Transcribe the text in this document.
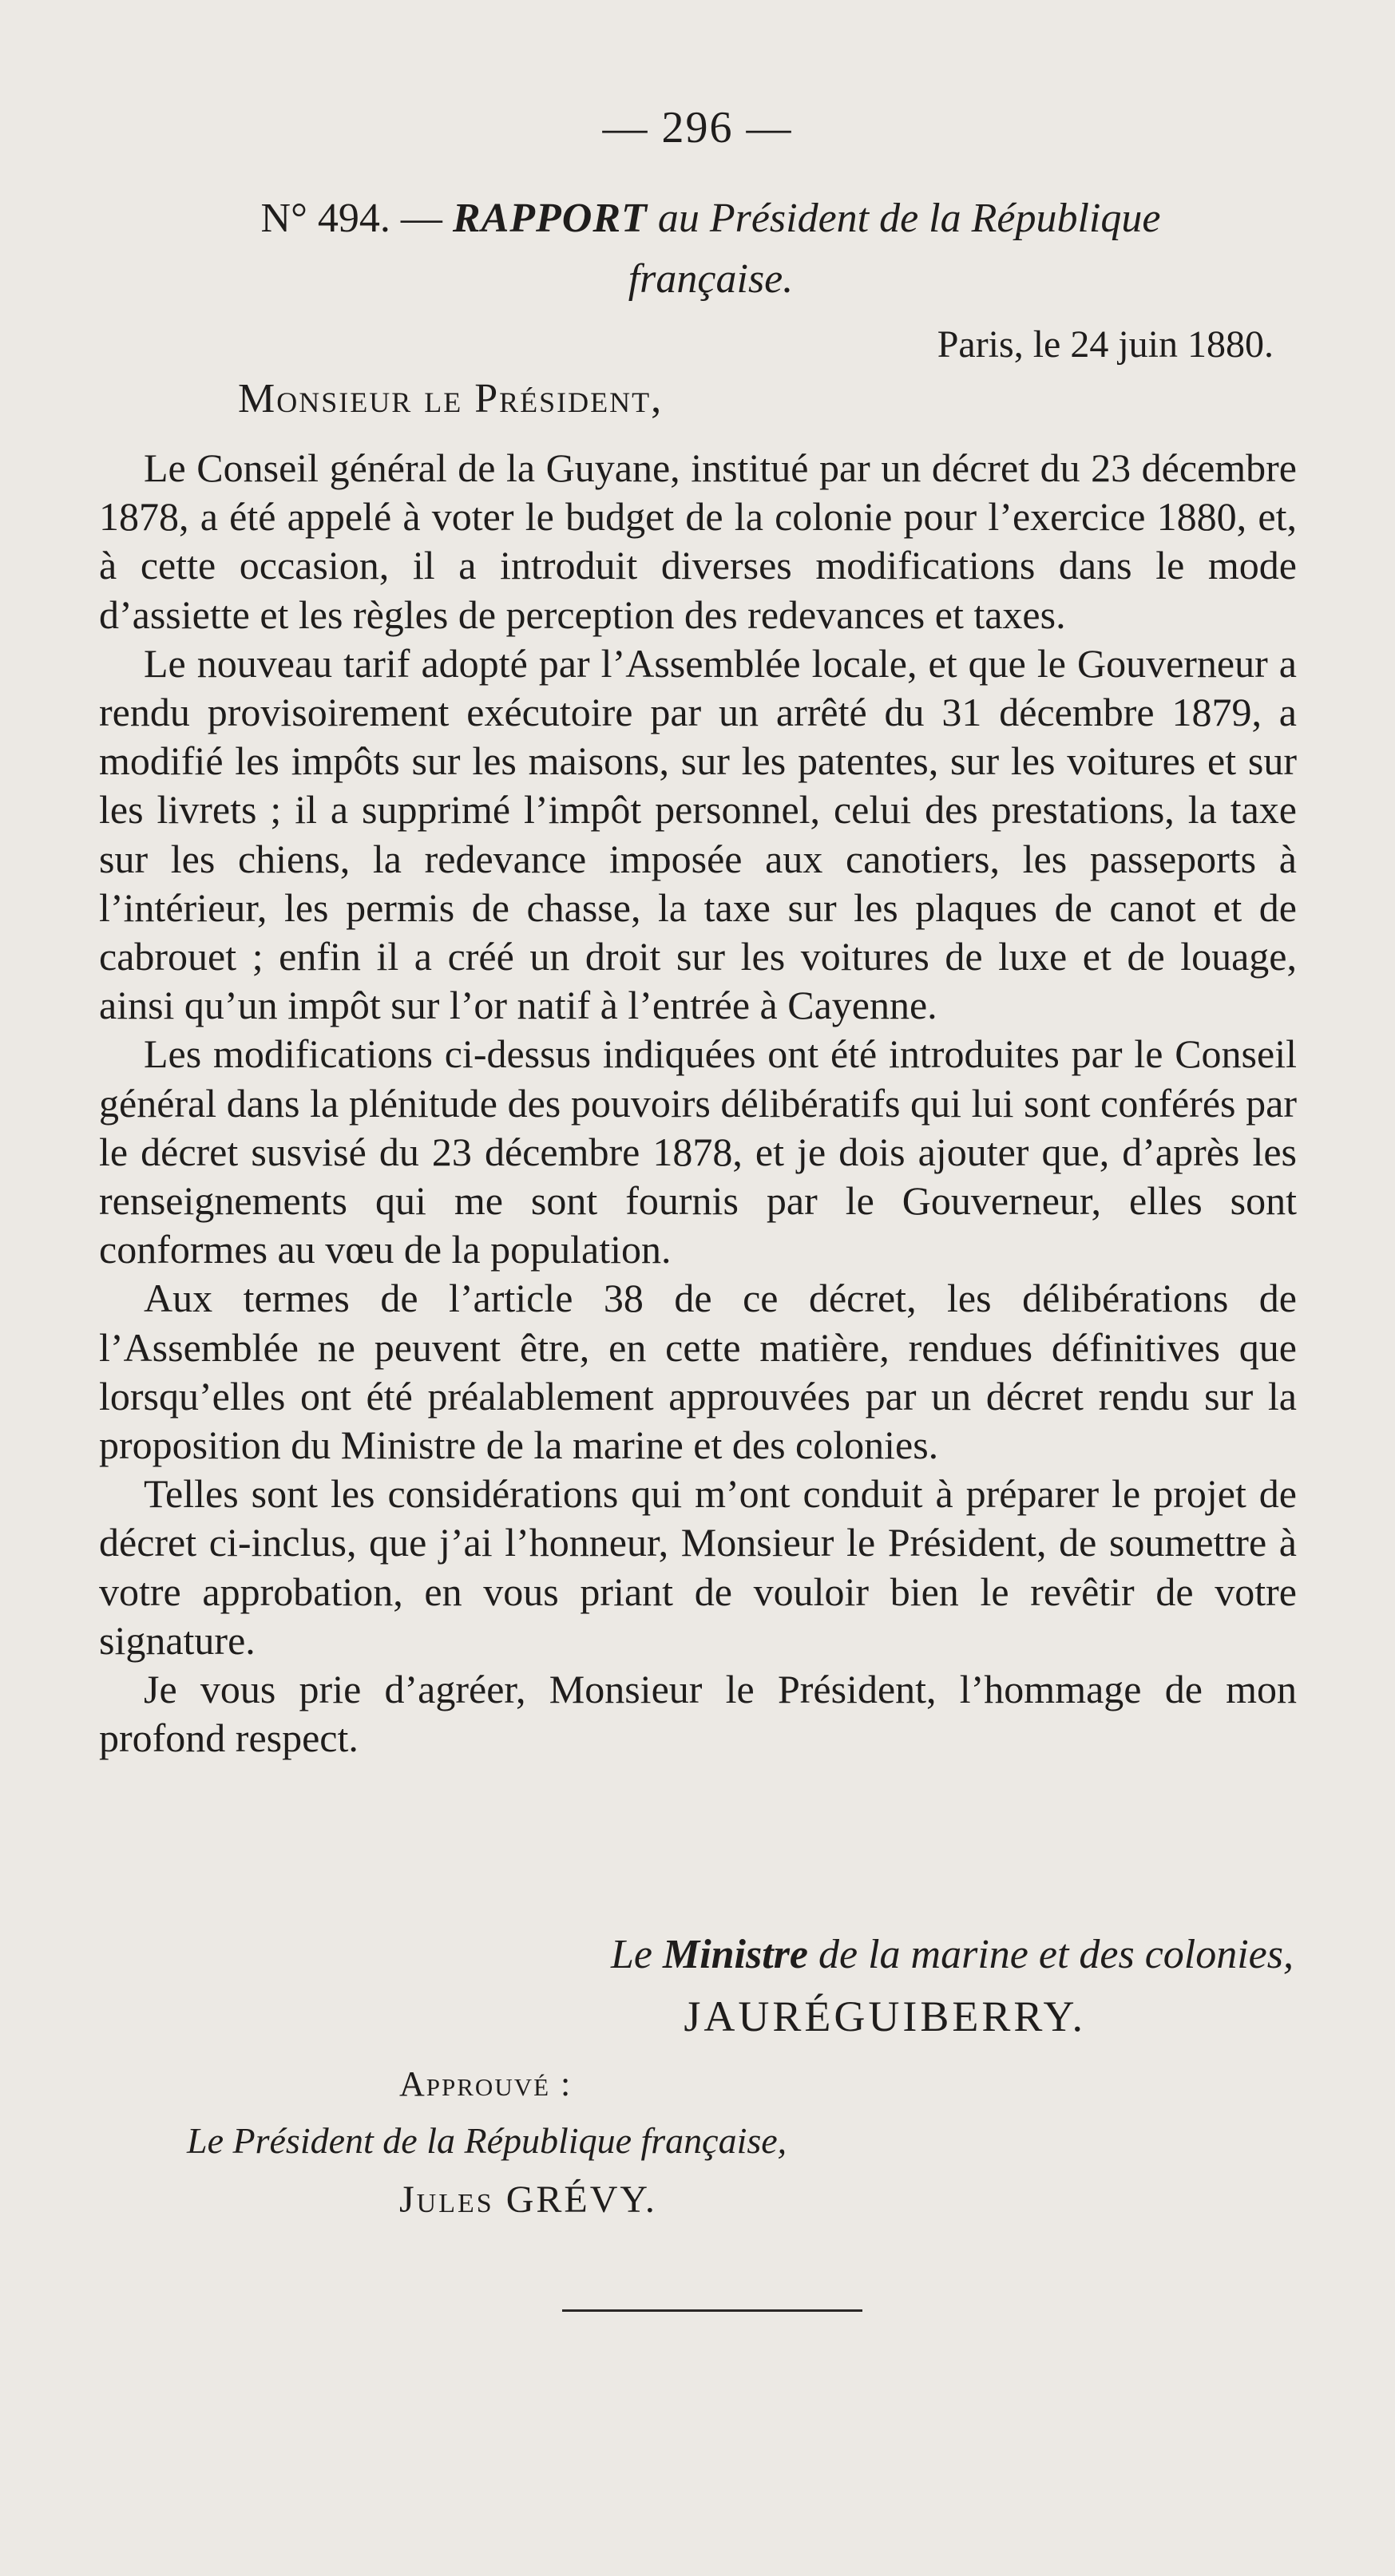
— 296 —
N° 494. — RAPPORT au Président de la République
française.
Paris, le 24 juin 1880.
Monsieur le Président,

Le Conseil général de la Guyane, institué par un décret du 23 décembre 1878, a été appelé à voter le budget de la colonie pour l’exercice 1880, et, à cette occasion, il a introduit diverses modifications dans le mode d’assiette et les règles de perception des redevances et taxes.

Le nouveau tarif adopté par l’Assemblée locale, et que le Gouverneur a rendu provisoirement exécutoire par un arrêté du 31 décembre 1879, a modifié les impôts sur les maisons, sur les patentes, sur les voitures et sur les livrets ; il a supprimé l’impôt personnel, celui des prestations, la taxe sur les chiens, la redevance imposée aux canotiers, les passeports à l’intérieur, les permis de chasse, la taxe sur les plaques de canot et de cabrouet ; enfin il a créé un droit sur les voitures de luxe et de louage, ainsi qu’un impôt sur l’or natif à l’entrée à Cayenne.

Les modifications ci-dessus indiquées ont été introduites par le Conseil général dans la plénitude des pouvoirs délibératifs qui lui sont conférés par le décret susvisé du 23 décembre 1878, et je dois ajouter que, d’après les renseignements qui me sont fournis par le Gouverneur, elles sont conformes au vœu de la population.

Aux termes de l’article 38 de ce décret, les délibérations de l’Assemblée ne peuvent être, en cette matière, rendues définitives que lorsqu’elles ont été préalablement approuvées par un décret rendu sur la proposition du Ministre de la marine et des colonies.

Telles sont les considérations qui m’ont conduit à préparer le projet de décret ci-inclus, que j’ai l’honneur, Monsieur le Président, de soumettre à votre approbation, en vous priant de vouloir bien le revêtir de votre signature.

Je vous prie d’agréer, Monsieur le Président, l’hommage de mon profond respect.

Le Ministre de la marine et des colonies,
JAURÉGUIBERRY.
Approuvé :
Le Président de la République française,
Jules GRÉVY.
